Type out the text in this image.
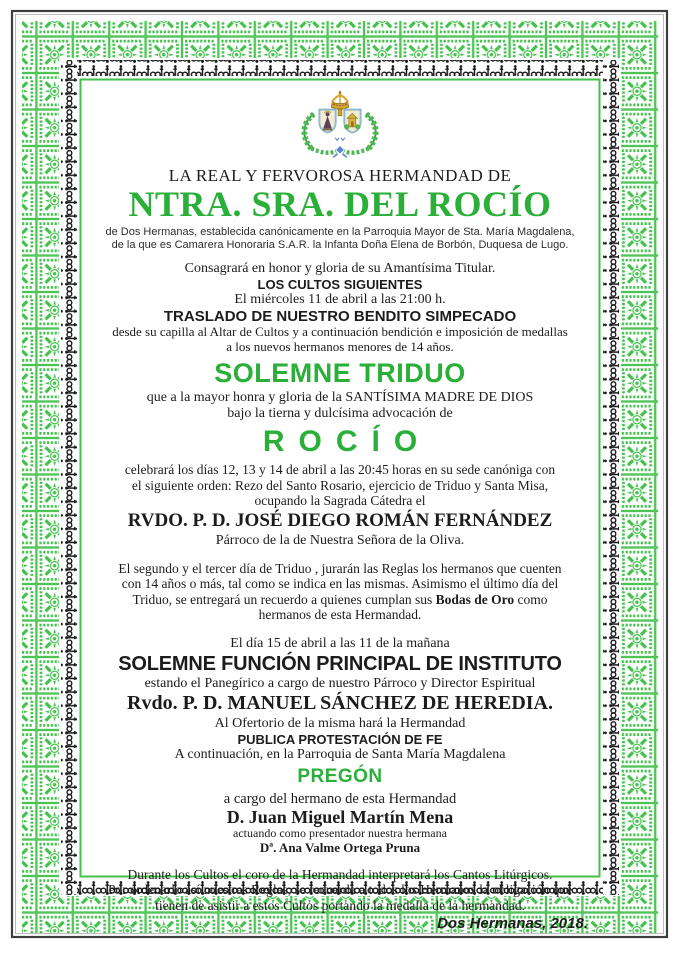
LA REAL Y FERVOROSA HERMANDAD DE
NTRA. SRA. DEL ROCÍO
de Dos Hermanas, establecida canónicamente en la Parroquia Mayor de Sta. María Magdalena,
de la que es Camarera Honoraria S.A.R. la Infanta Doña Elena de Borbón, Duquesa de Lugo.
Consagrará en honor y gloria de su Amantísima Titular.
LOS CULTOS SIGUIENTES
El miércoles 11 de abril a las 21:00 h.
TRASLADO DE NUESTRO BENDITO SIMPECADO
desde su capilla al Altar de Cultos y a continuación bendición e imposición de medallas
a los nuevos hermanos menores de 14 años.
SOLEMNE TRIDUO
que a la mayor honra y gloria de la SANTÍSIMA MADRE DE DIOS
bajo la tierna y dulcísima advocación de
ROCÍO
celebrará los días 12, 13 y 14 de abril a las 20:45 horas en su sede canóniga con
el siguiente orden: Rezo del Santo Rosario, ejercicio de Triduo y Santa Misa,
ocupando la Sagrada Cátedra el
RVDO. P. D. JOSÉ DIEGO ROMÁN FERNÁNDEZ
Párroco de la de Nuestra Señora de la Oliva.
El segundo y el tercer día de Triduo , jurarán las Reglas los hermanos que cuenten
con 14 años o más, tal como se indica en las mismas. Asimismo el último día del
Triduo, se entregará un recuerdo a quienes cumplan sus Bodas de Oro como
hermanos de esta Hermandad.
El día 15 de abril a las 11 de la mañana
SOLEMNE FUNCIÓN PRINCIPAL DE INSTITUTO
estando el Panegírico a cargo de nuestro Párroco y Director Espiritual
Rvdo. P. D. MANUEL SÁNCHEZ DE HEREDIA.
Al Ofertorio de la misma hará la Hermandad
PUBLICA PROTESTACIÓN DE FE
A continuación, en la Parroquia de Santa María Magdalena
PREGÓN
a cargo del hermano de esta Hermandad
D. Juan Miguel Martín Mena
actuando como presentador nuestra hermana
Dª. Ana Valme Ortega Pruna
Durante los Cultos el coro de la Hermandad interpretará los Cantos Litúrgicos.
Por ordenarlo así nuestras Reglas, se recuerda a todos los Hermanos la obligación que
tienen de asistir a estos Cultos portando la medalla de la hermandad.
Dos Hermanas, 2018.
